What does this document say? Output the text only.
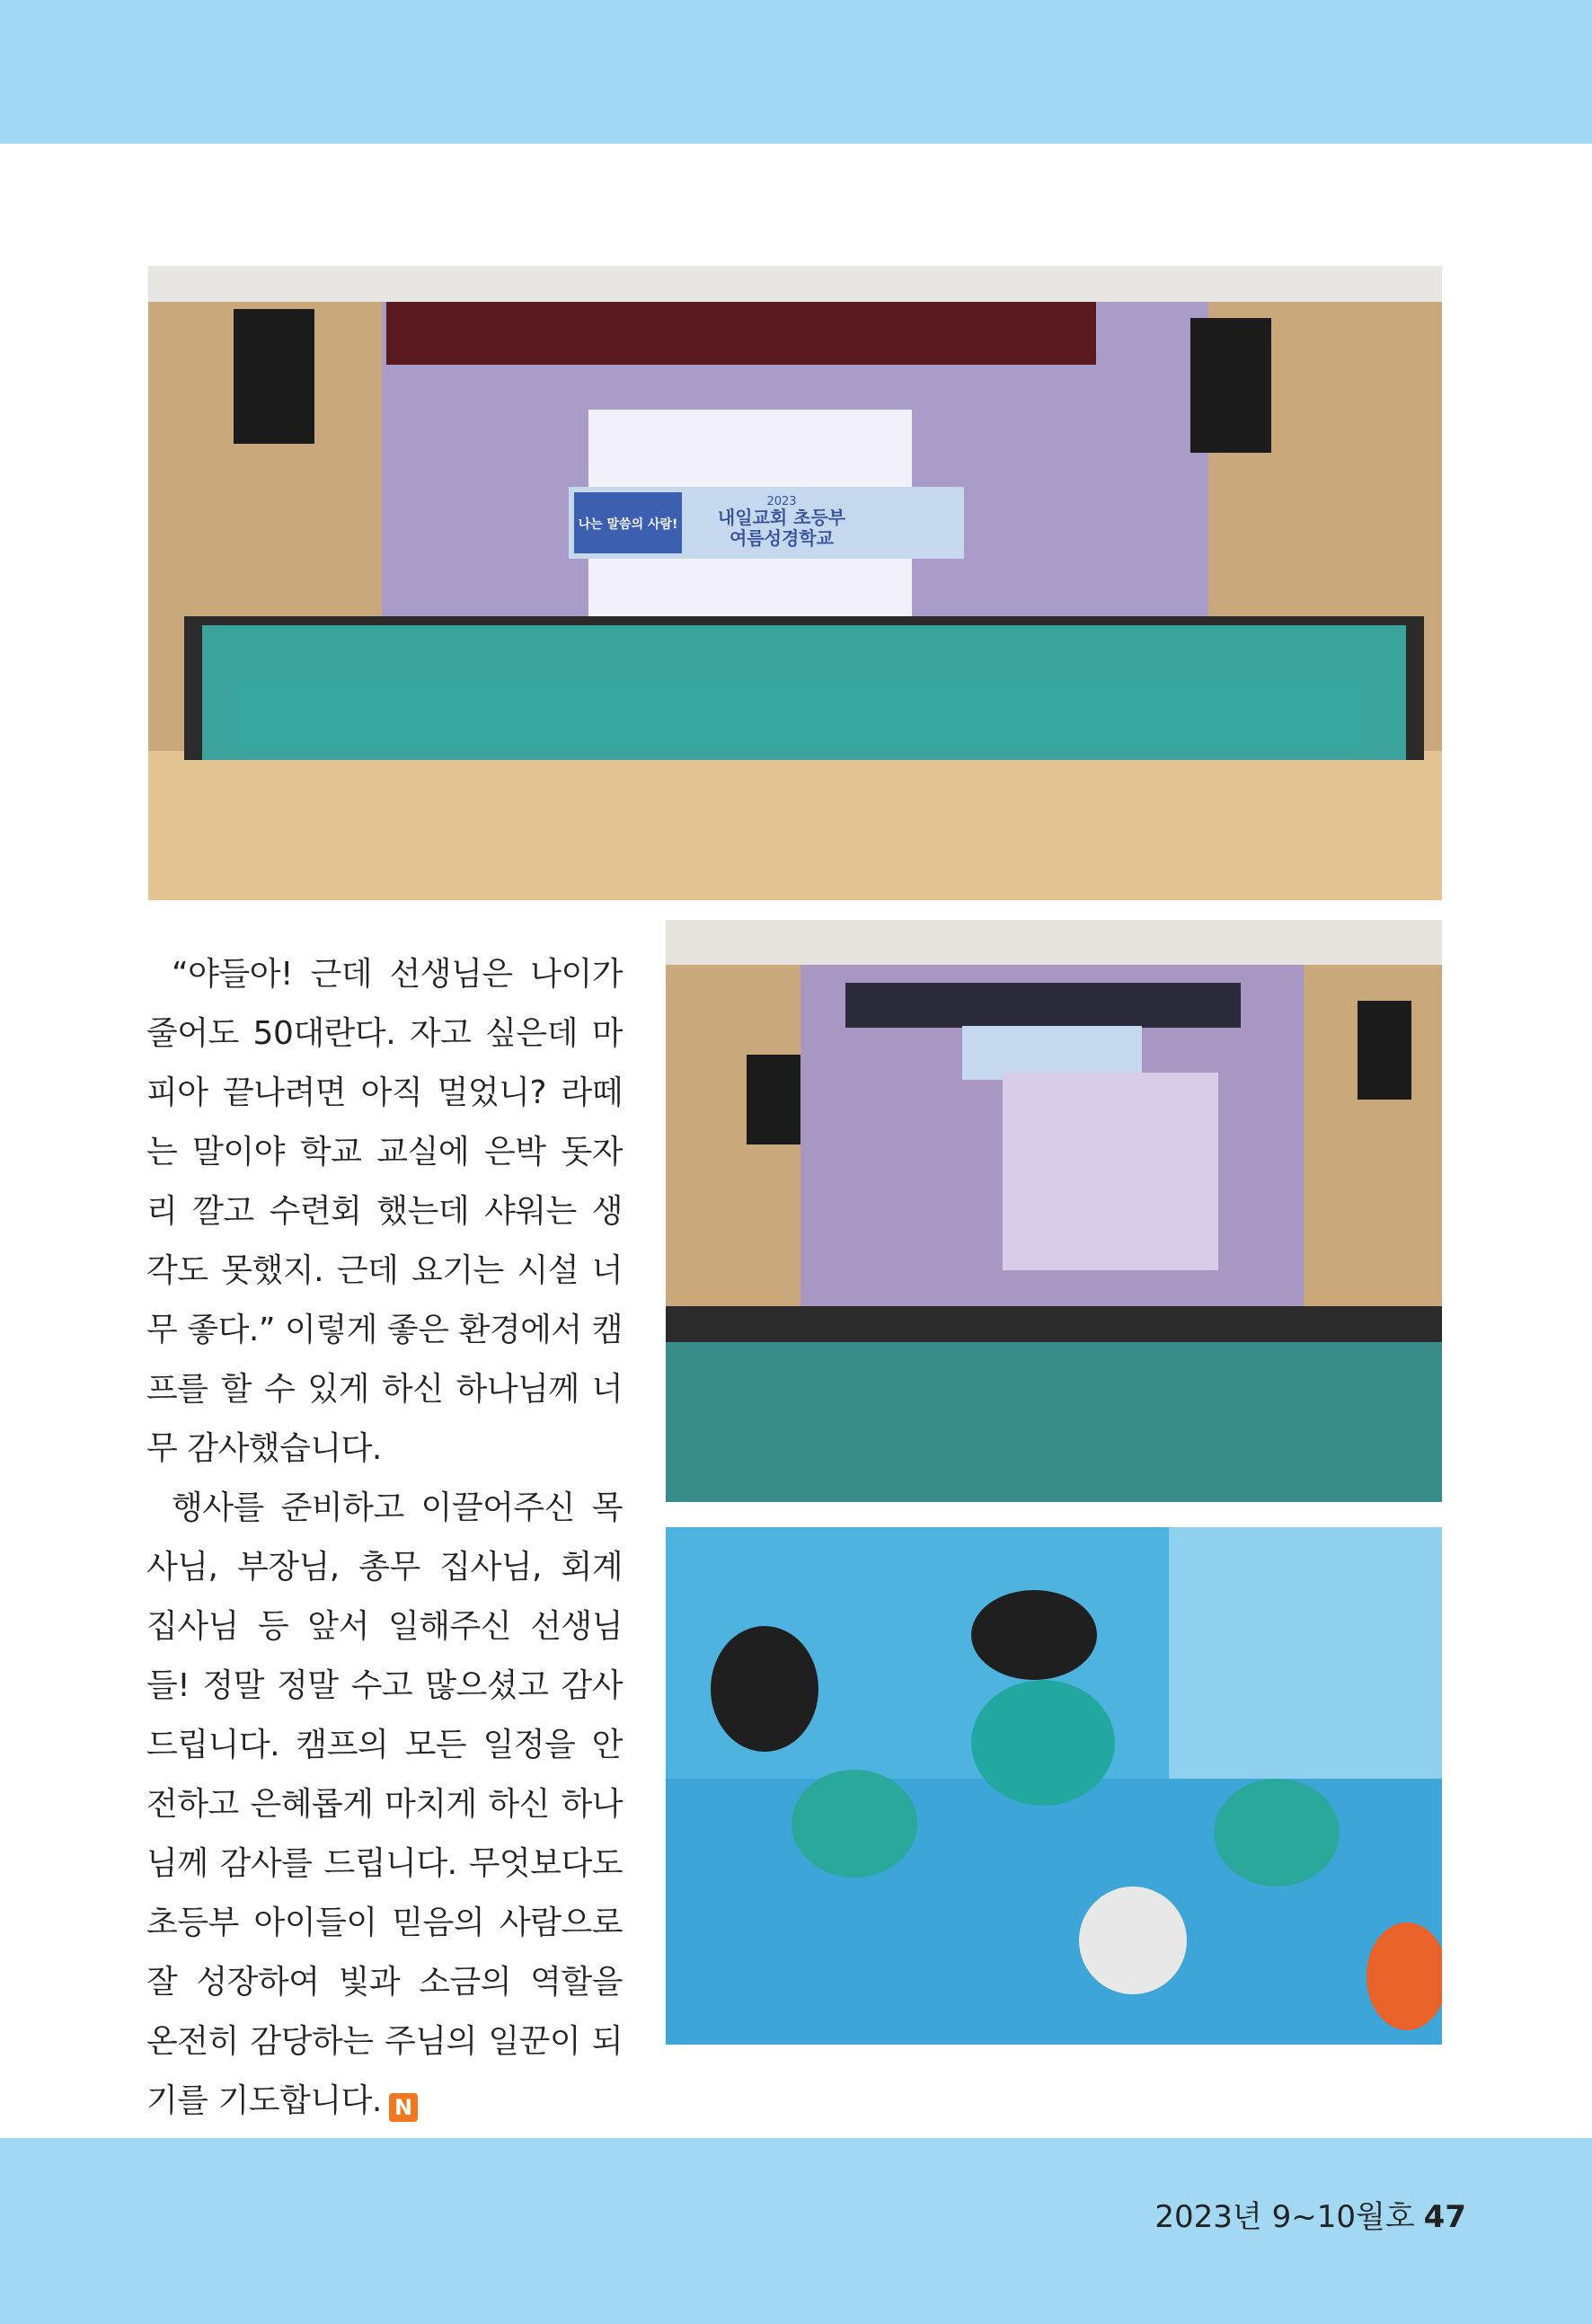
나는 말씀의 사람!
2023
내일교회 초등부
여름성경학교

“야들아! 근데 선생님은 나이가 줄어도 50대란다. 자고 싶은데 마피아 끝나려면 아직 멀었니? 라떼는 말이야 학교 교실에 은박 돗자리 깔고 수련회 했는데 샤워는 생각도 못했지. 근데 요기는 시설 너무 좋다.” 이렇게 좋은 환경에서 캠프를 할 수 있게 하신 하나님께 너무 감사했습니다.

행사를 준비하고 이끌어주신 목사님, 부장님, 총무 집사님, 회계 집사님 등 앞서 일해주신 선생님들! 정말 정말 수고 많으셨고 감사드립니다. 캠프의 모든 일정을 안전하고 은혜롭게 마치게 하신 하나님께 감사를 드립니다. 무엇보다도 초등부 아이들이 믿음의 사람으로 잘 성장하여 빛과 소금의 역할을 온전히 감당하는 주님의 일꾼이 되기를 기도합니다. N

2023년 9~10월호 47
